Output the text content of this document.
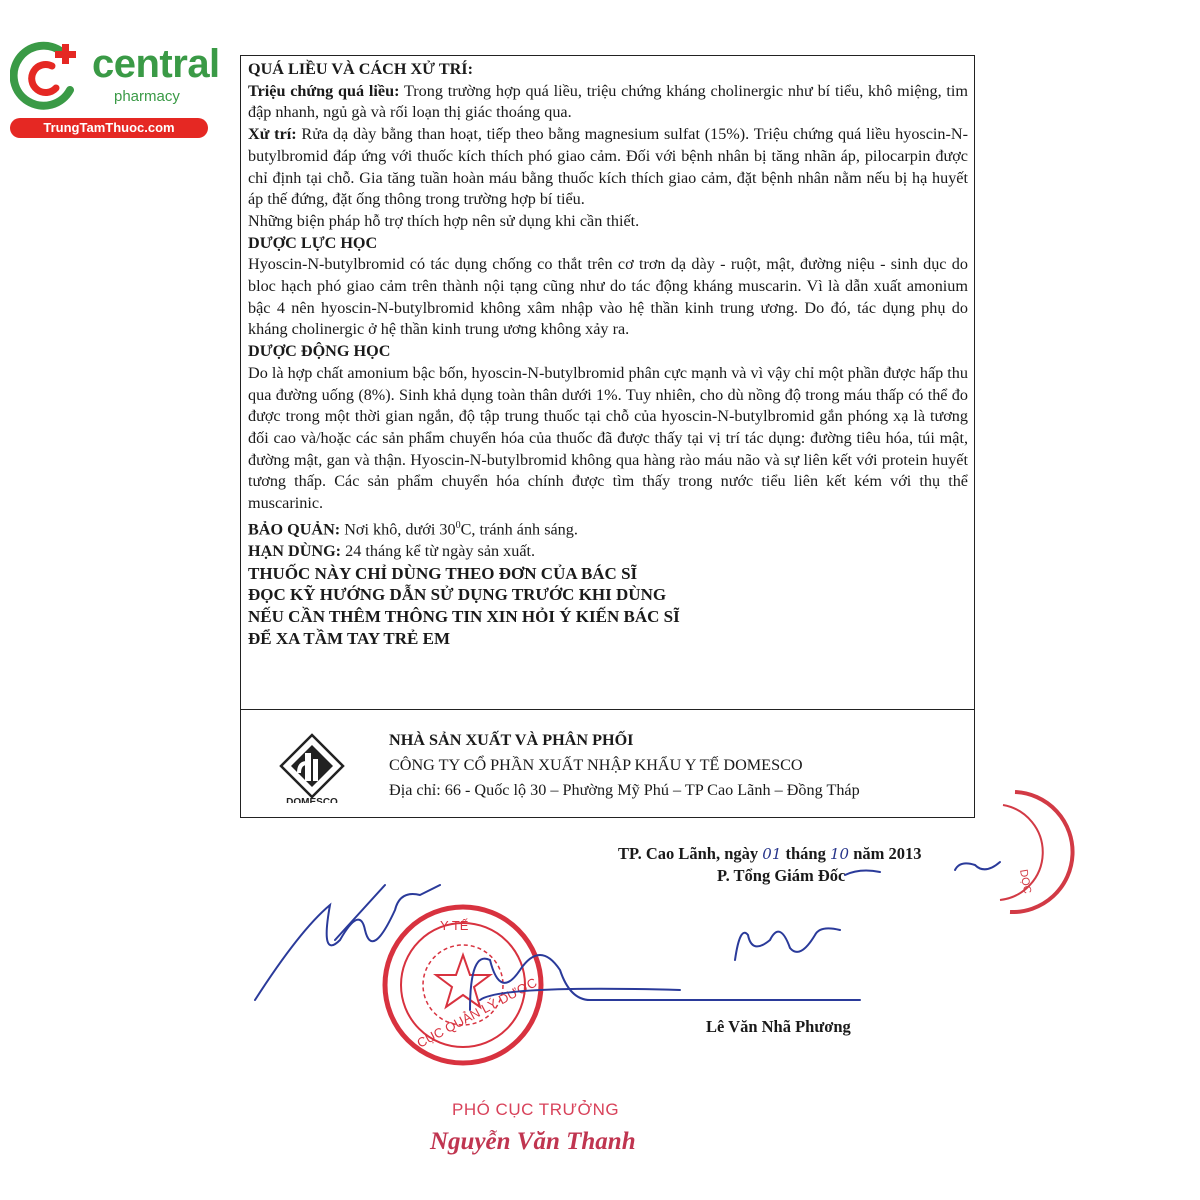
central
pharmacy
TrungTamThuoc.com

QUÁ LIỀU VÀ CÁCH XỬ TRÍ:

Triệu chứng quá liều: Trong trường hợp quá liều, triệu chứng kháng cholinergic như bí tiểu, khô miệng, tim đập nhanh, ngủ gà và rối loạn thị giác thoáng qua.

Xử trí: Rửa dạ dày bằng than hoạt, tiếp theo bằng magnesium sulfat (15%). Triệu chứng quá liều hyoscin-N-butylbromid đáp ứng với thuốc kích thích phó giao cảm. Đối với bệnh nhân bị tăng nhãn áp, pilocarpin được chỉ định tại chỗ. Gia tăng tuần hoàn máu bằng thuốc kích thích giao cảm, đặt bệnh nhân nằm nếu bị hạ huyết áp thế đứng, đặt ống thông trong trường hợp bí tiểu.

Những biện pháp hỗ trợ thích hợp nên sử dụng khi cần thiết.

DƯỢC LỰC HỌC

Hyoscin-N-butylbromid có tác dụng chống co thắt trên cơ trơn dạ dày - ruột, mật, đường niệu - sinh dục do bloc hạch phó giao cảm trên thành nội tạng cũng như do tác động kháng muscarin. Vì là dẫn xuất amonium bậc 4 nên hyoscin-N-butylbromid không xâm nhập vào hệ thần kinh trung ương. Do đó, tác dụng phụ do kháng cholinergic ở hệ thần kinh trung ương không xảy ra.

DƯỢC ĐỘNG HỌC

Do là hợp chất amonium bậc bốn, hyoscin-N-butylbromid phân cực mạnh và vì vậy chỉ một phần được hấp thu qua đường uống (8%). Sinh khả dụng toàn thân dưới 1%. Tuy nhiên, cho dù nồng độ trong máu thấp có thể đo được trong một thời gian ngắn, độ tập trung thuốc tại chỗ của hyoscin-N-butylbromid gắn phóng xạ là tương đối cao và/hoặc các sản phẩm chuyển hóa của thuốc đã được thấy tại vị trí tác dụng: đường tiêu hóa, túi mật, đường mật, gan và thận. Hyoscin-N-butylbromid không qua hàng rào máu não và sự liên kết với protein huyết tương thấp. Các sản phẩm chuyển hóa chính được tìm thấy trong nước tiểu liên kết kém với thụ thể muscarinic.

BẢO QUẢN: Nơi khô, dưới $30^0C$, tránh ánh sáng.

HẠN DÙNG: 24 tháng kể từ ngày sản xuất.

THUỐC NÀY CHỈ DÙNG THEO ĐƠN CỦA BÁC SĨ

ĐỌC KỸ HƯỚNG DẪN SỬ DỤNG TRƯỚC KHI DÙNG

NẾU CẦN THÊM THÔNG TIN XIN HỎI Ý KIẾN BÁC SĨ

ĐỂ XA TẦM TAY TRẺ EM

DOMESCO
NHÀ SẢN XUẤT VÀ PHÂN PHỐI
CÔNG TY CỔ PHẦN XUẤT NHẬP KHẨU Y TẾ DOMESCO
Địa chỉ: 66 - Quốc lộ 30 – Phường Mỹ Phú – TP Cao Lãnh – Đồng Tháp
TP. Cao Lãnh, ngày 01 tháng 10 năm 2013
P. Tổng Giám Đốc
Lê Văn Nhã Phương
PHÓ CỤC TRƯỞNG
Nguyễn Văn Thanh
DỌC
CỤC QUẢN LÝ DƯỢC
Y TẾ
